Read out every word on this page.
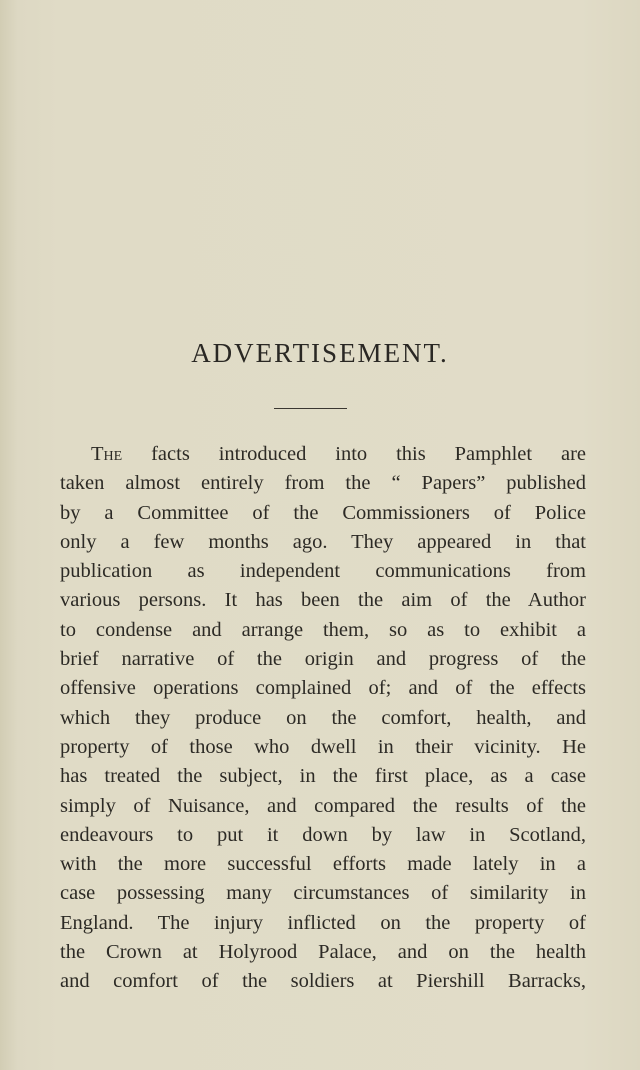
ADVERTISEMENT.
The facts introduced into this Pamphlet are
taken almost entirely from the “ Papers” published
by a Committee of the Commissioners of Police
only a few months ago. They appeared in that
publication as independent communications from
various persons. It has been the aim of the Author
to condense and arrange them, so as to exhibit a
brief narrative of the origin and progress of the
offensive operations complained of; and of the effects
which they produce on the comfort, health, and
property of those who dwell in their vicinity. He
has treated the subject, in the first place, as a case
simply of Nuisance, and compared the results of the
endeavours to put it down by law in Scotland,
with the more successful efforts made lately in a
case possessing many circumstances of similarity in
England. The injury inflicted on the property of
the Crown at Holyrood Palace, and on the health
and comfort of the soldiers at Piershill Barracks,
